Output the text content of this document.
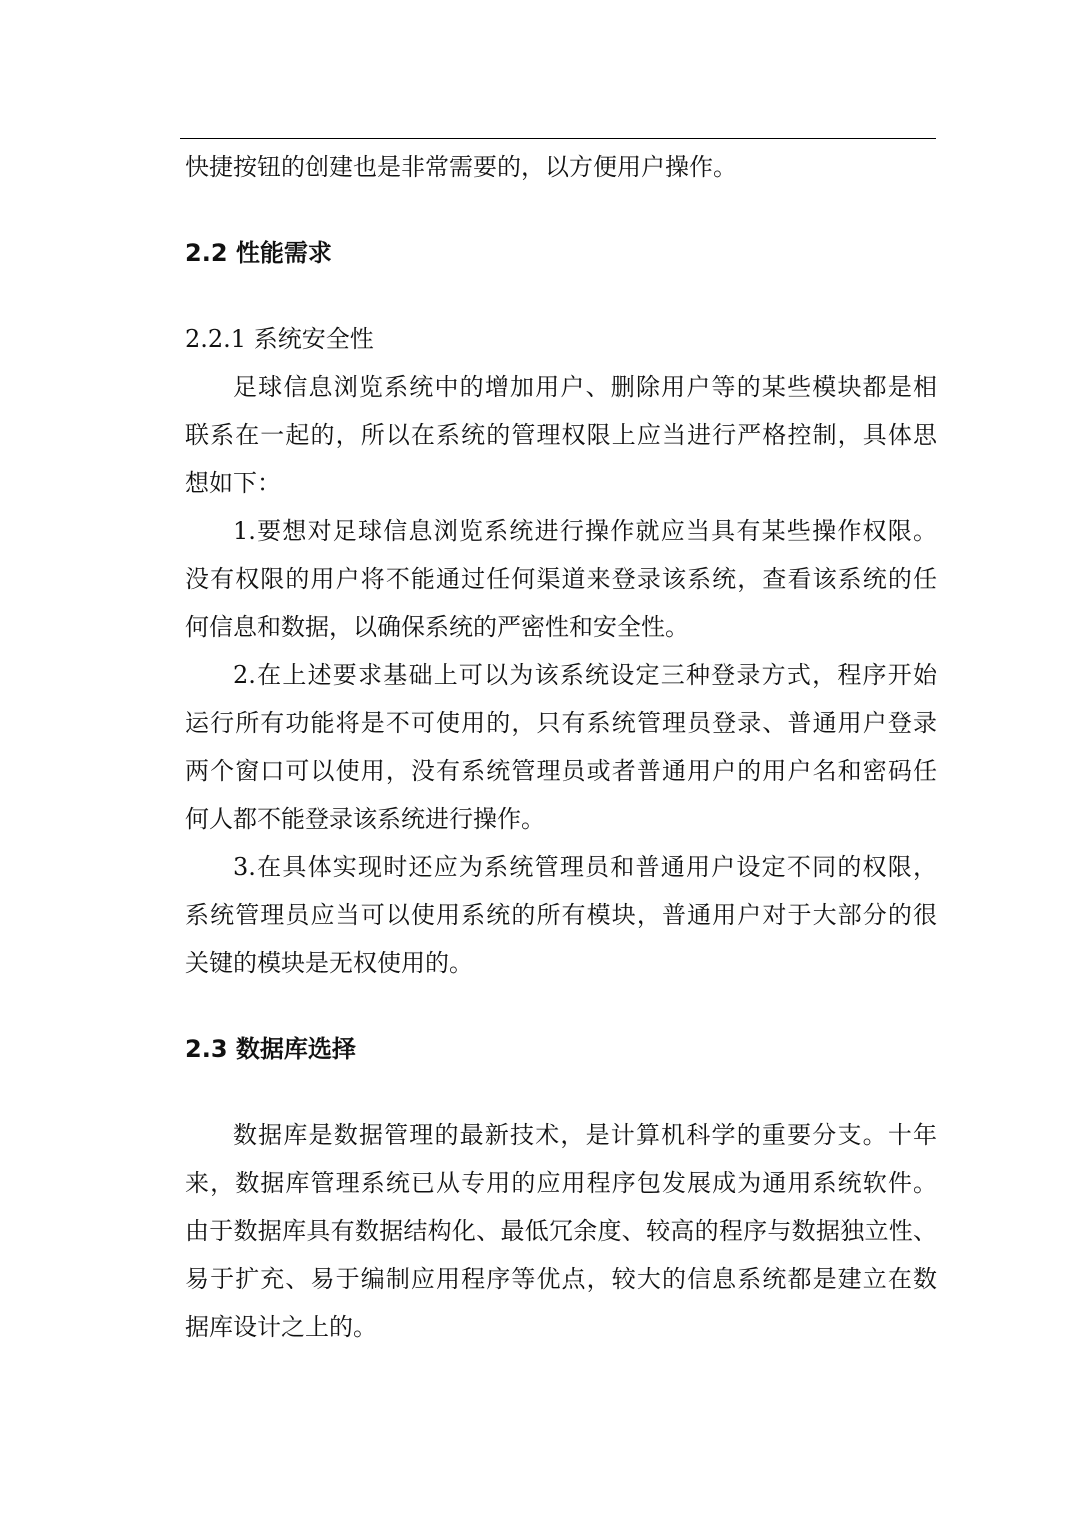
快捷按钮的创建也是非常需要的，以方便用户操作。
2.2 性能需求
2.2.1 系统安全性
足球信息浏览系统中的增加用户、删除用户等的某些模块都是相
联系在一起的，所以在系统的管理权限上应当进行严格控制，具体思
想如下：
1.要想对足球信息浏览系统进行操作就应当具有某些操作权限。
没有权限的用户将不能通过任何渠道来登录该系统，查看该系统的任
何信息和数据，以确保系统的严密性和安全性。
2.在上述要求基础上可以为该系统设定三种登录方式，程序开始
运行所有功能将是不可使用的，只有系统管理员登录、普通用户登录
两个窗口可以使用，没有系统管理员或者普通用户的用户名和密码任
何人都不能登录该系统进行操作。
3.在具体实现时还应为系统管理员和普通用户设定不同的权限，
系统管理员应当可以使用系统的所有模块，普通用户对于大部分的很
关键的模块是无权使用的。
2.3 数据库选择
数据库是数据管理的最新技术，是计算机科学的重要分支。十年
来，数据库管理系统已从专用的应用程序包发展成为通用系统软件。
由于数据库具有数据结构化、最低冗余度、较高的程序与数据独立性、
易于扩充、易于编制应用程序等优点，较大的信息系统都是建立在数
据库设计之上的。
